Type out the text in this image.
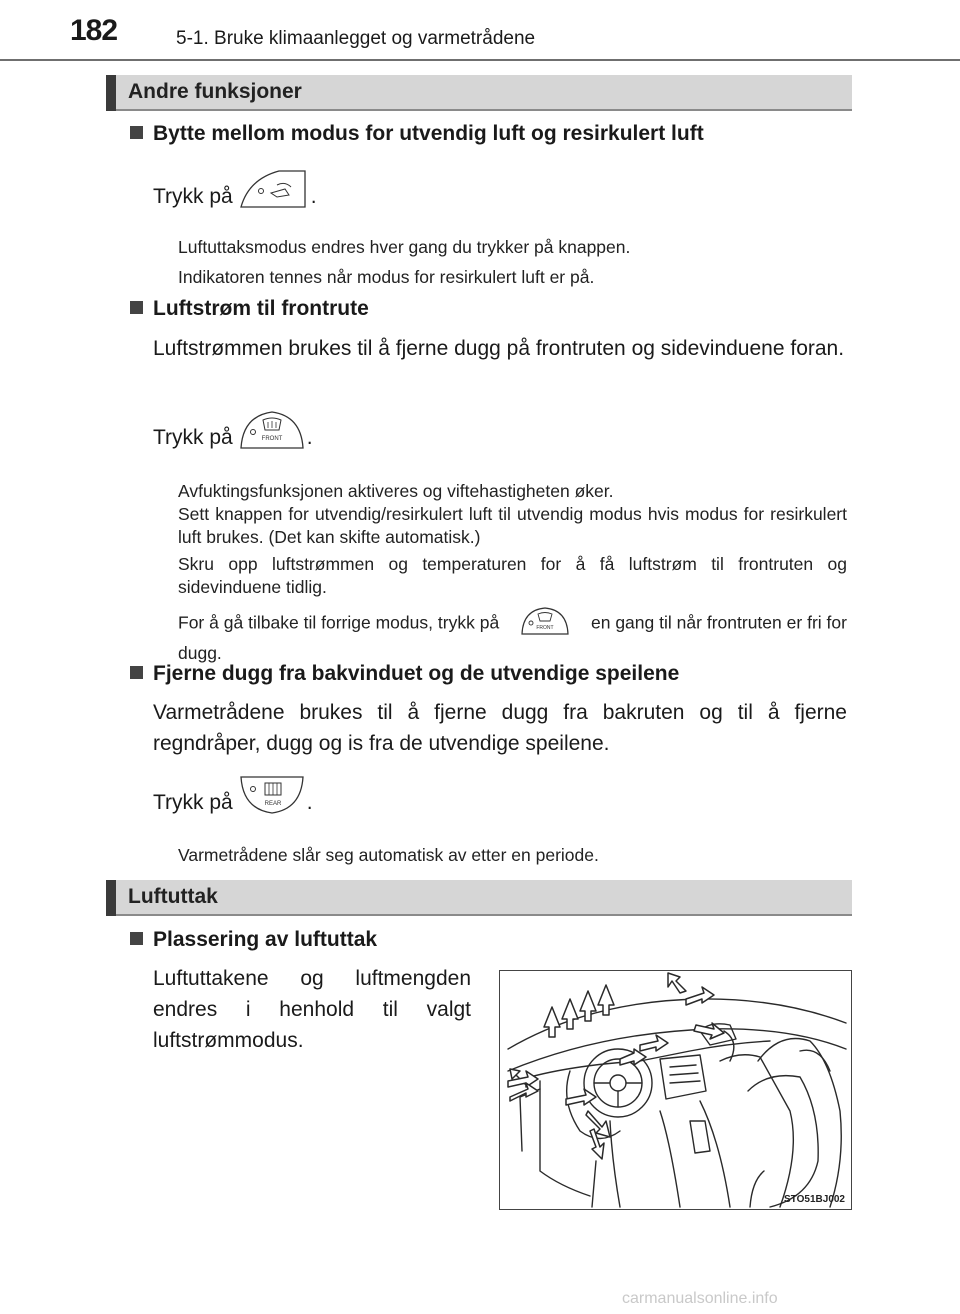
182	5-1. Bruke klimaanlegget og varmetrådene
Andre funksjoner
Bytte mellom modus for utvendig luft og resirkulert luft
Trykk på	.
Luftuttaksmodus endres hver gang du trykker på knappen.
Indikatoren tennes når modus for resirkulert luft er på.
Luftstrøm til frontrute
Luftstrømmen brukes til å fjerne dugg på frontruten og sidevinduene foran.
Trykk på	FRONT .
Avfuktingsfunksjonen aktiveres og viftehastigheten øker.
Sett knappen for utvendig/resirkulert luft til utvendig modus hvis modus for resirkulert luft brukes. (Det kan skifte automatisk.)
Skru opp luftstrømmen og temperaturen for å få luftstrøm til frontruten og sidevinduene tidlig.
For å gå tilbake til forrige modus, trykk på	FRONT en gang til når frontruten er fri for dugg.
Fjerne dugg fra bakvinduet og de utvendige speilene
Varmetrådene brukes til å fjerne dugg fra bakruten og til å fjerne regndråper, dugg og is fra de utvendige speilene.
Trykk på	REAR .
Varmetrådene slår seg automatisk av etter en periode.
Luftuttak
Plassering av luftuttak
Luftuttakene og luftmengden endres i henhold til valgt luftstrømmodus.
STO51BJ002
carmanualsonline.info
